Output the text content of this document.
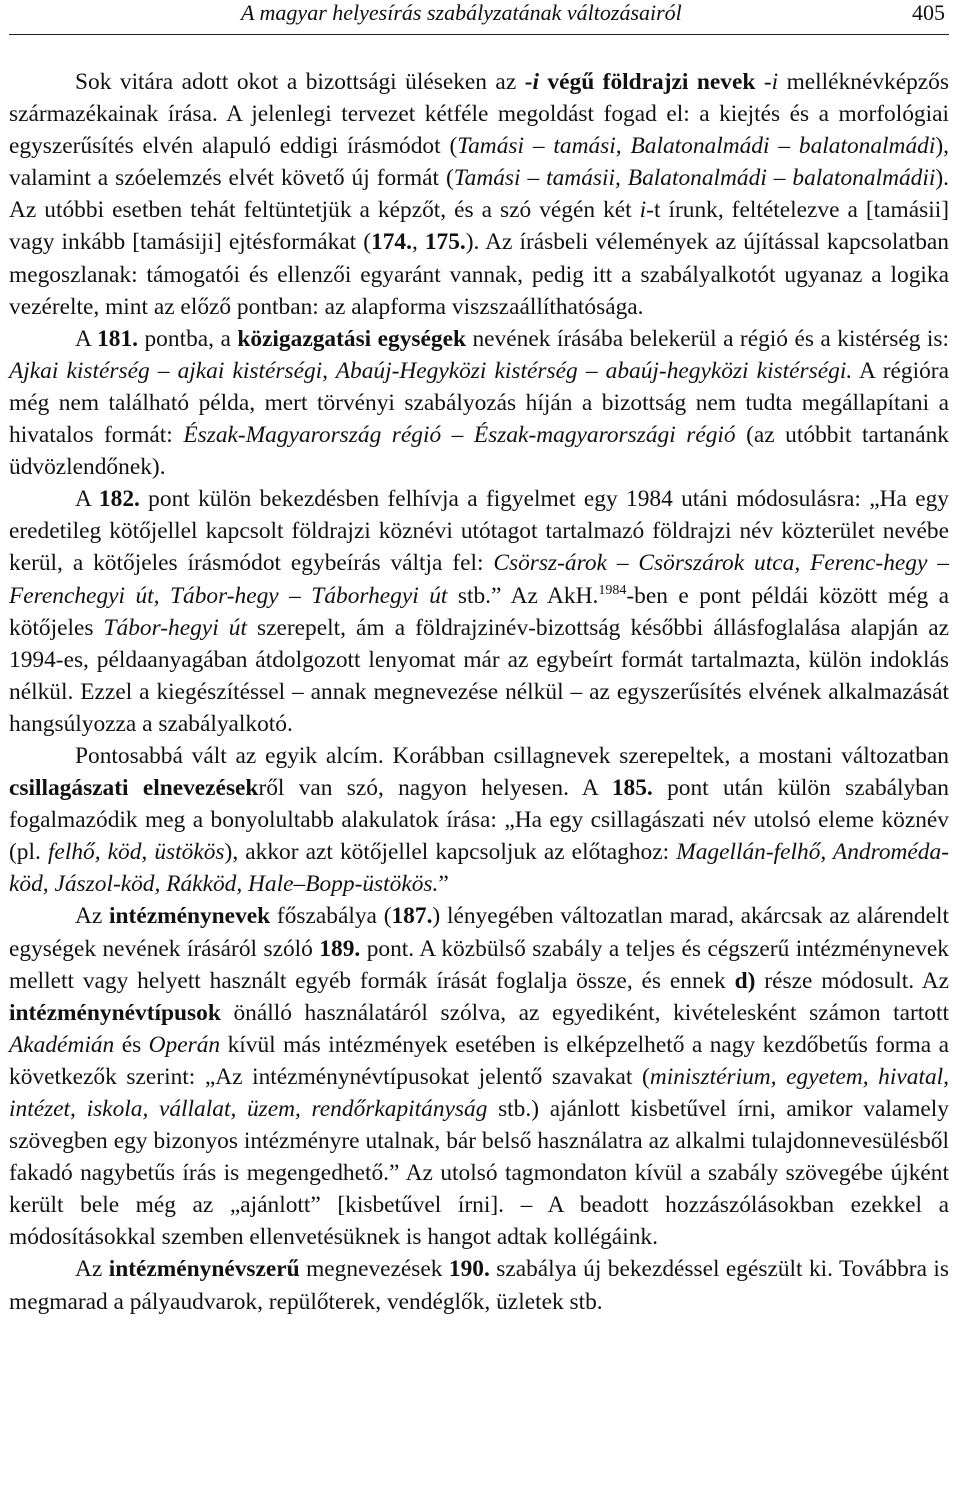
A magyar helyesírás szabályzatának változásairól	405

Sok vitára adott okot a bizottsági üléseken az -i végű földrajzi nevek -i melléknévképzős származékainak írása. A jelenlegi tervezet kétféle megoldást fogad el: a kiejtés és a morfológiai egyszerűsítés elvén alapuló eddigi írásmódot (Tamási – tamási, Balatonalmádi – balatonalmádi), valamint a szóelemzés elvét követő új formát (Tamási – tamásii, Balatonalmádi – balatonalmádii). Az utóbbi esetben tehát feltüntetjük a képzőt, és a szó végén két i-t írunk, feltételezve a [tamásii] vagy inkább [tamásiji] ejtésformákat (174., 175.). Az írásbeli vélemények az újítással kapcsolatban megoszlanak: támogatói és ellenzői egyaránt vannak, pedig itt a szabályalkotót ugyanaz a logika vezérelte, mint az előző pontban: az alapforma viszszaállíthatósága.

A 181. pontba, a közigazgatási egységek nevének írásába belekerül a régió és a kistérség is: Ajkai kistérség – ajkai kistérségi, Abaúj-Hegyközi kistérség – abaúj-hegyközi kistérségi. A régióra még nem található példa, mert törvényi szabályozás híján a bizottság nem tudta megállapítani a hivatalos formát: Észak-Magyarország régió – Észak-magyarországi régió (az utóbbit tartanánk üdvözlendőnek).

A 182. pont külön bekezdésben felhívja a figyelmet egy 1984 utáni módosulásra: „Ha egy eredetileg kötőjellel kapcsolt földrajzi köznévi utótagot tartalmazó földrajzi név közterület nevébe kerül, a kötőjeles írásmódot egybeírás váltja fel: Csörsz-árok – Csörszárok utca, Ferenc-hegy – Ferenchegyi út, Tábor-hegy – Táborhegyi út stb.” Az AkH.$^{1984}$-ben e pont példái között még a kötőjeles Tábor-hegyi út szerepelt, ám a földrajzinév-bizottság későbbi állásfoglalása alapján az 1994-es, példaanyagában átdolgozott lenyomat már az egybeírt formát tartalmazta, külön indoklás nélkül. Ezzel a kiegészítéssel – annak megnevezése nélkül – az egyszerűsítés elvének alkalmazását hangsúlyozza a szabályalkotó.

Pontosabbá vált az egyik alcím. Korábban csillagnevek szerepeltek, a mostani változatban csillagászati elnevezésekről van szó, nagyon helyesen. A 185. pont után külön szabályban fogalmazódik meg a bonyolultabb alakulatok írása: „Ha egy csillagászati név utolsó eleme köznév (pl. felhő, köd, üstökös), akkor azt kötőjellel kapcsoljuk az előtaghoz: Magellán-felhő, Androméda-köd, Jászol-köd, Rákköd, Hale–Bopp-üstökös.”

Az intézménynevek főszabálya (187.) lényegében változatlan marad, akárcsak az alárendelt egységek nevének írásáról szóló 189. pont. A közbülső szabály a teljes és cégszerű intézménynevek mellett vagy helyett használt egyéb formák írását foglalja össze, és ennek d) része módosult. Az intézménynévtípusok önálló használatáról szólva, az egyediként, kivételesként számon tartott Akadémián és Operán kívül más intézmények esetében is elképzelhető a nagy kezdőbetűs forma a következők szerint: „Az intézménynévtípusokat jelentő szavakat (minisztérium, egyetem, hivatal, intézet, iskola, vállalat, üzem, rendőrkapitányság stb.) ajánlott kisbetűvel írni, amikor valamely szövegben egy bizonyos intézményre utalnak, bár belső használatra az alkalmi tulajdonnevesülésből fakadó nagybetűs írás is megengedhető.” Az utolsó tagmondaton kívül a szabály szövegébe újként került bele még az „ajánlott” [kisbetűvel írni]. – A beadott hozzászólásokban ezekkel a módosításokkal szemben ellenvetésüknek is hangot adtak kollégáink.

Az intézménynévszerű megnevezések 190. szabálya új bekezdéssel egészült ki. Továbbra is megmarad a pályaudvarok, repülőterek, vendéglők, üzletek stb.
